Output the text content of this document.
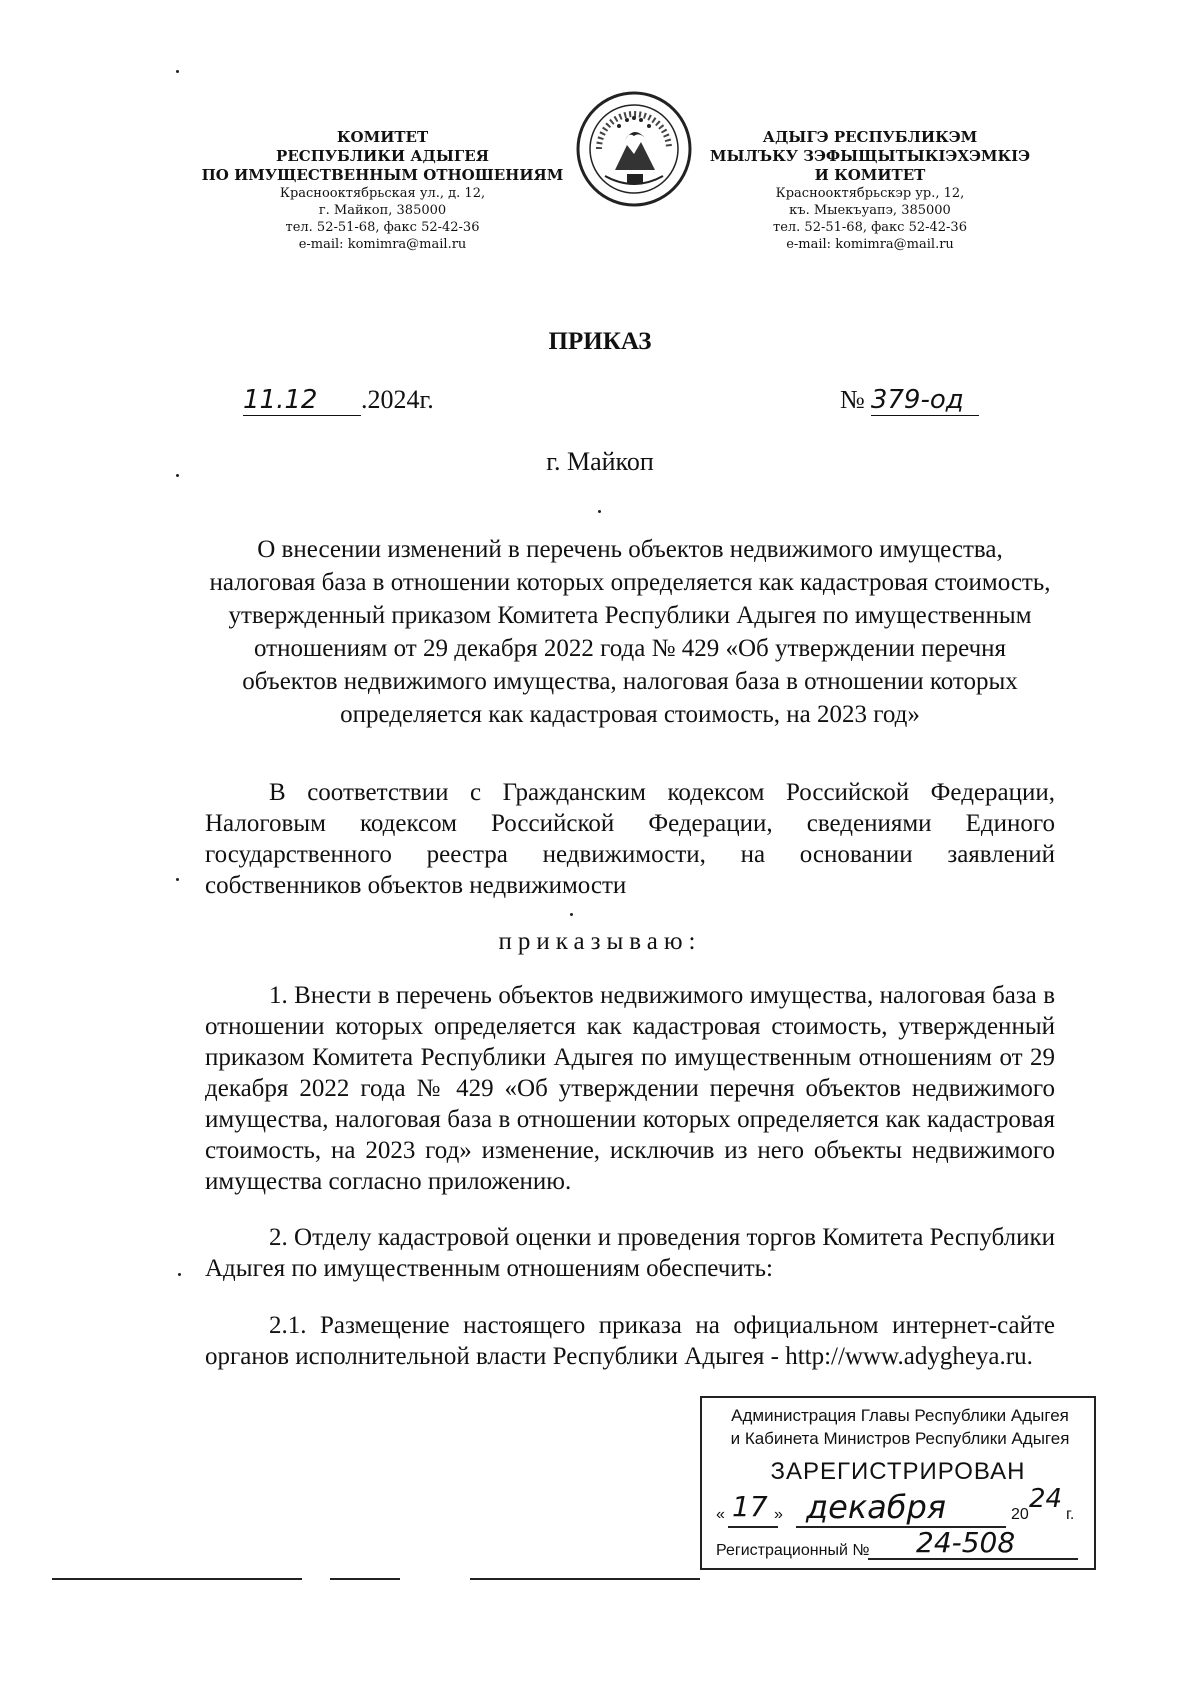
КОМИТЕТ
РЕСПУБЛИКИ АДЫГЕЯ
ПО ИМУЩЕСТВЕННЫМ ОТНОШЕНИЯМ
Краснооктябрьская ул., д. 12,
г. Майкоп, 385000
тел. 52-51-68, факс 52-42-36
e-mail: komimra@mail.ru
АДЫГЭ РЕСПУБЛИКЭМ
МЫЛЪКУ ЗЭФЫЩЫТЫКІЭХЭМКІЭ
И КОМИТЕТ
Краснооктябрьскэр ур., 12,
къ. Мыекъуапэ, 385000
тел. 52-51-68, факс 52-42-36
e-mail: komimra@mail.ru
ПРИКАЗ
11.12 .2024г.	№ 379-од
г. Майкоп
О внесении изменений в перечень объектов недвижимого имущества, налоговая база в отношении которых определяется как кадастровая стоимость, утвержденный приказом Комитета Республики Адыгея по имущественным отношениям от 29 декабря 2022 года № 429 «Об утверждении перечня объектов недвижимого имущества, налоговая база в отношении которых определяется как кадастровая стоимость, на 2023 год»
В соответствии с Гражданским кодексом Российской Федерации, Налоговым кодексом Российской Федерации, сведениями Единого государственного реестра недвижимости, на основании заявлений собственников объектов недвижимости
приказываю:
1. Внести в перечень объектов недвижимого имущества, налоговая база в отношении которых определяется как кадастровая стоимость, утвержденный приказом Комитета Республики Адыгея по имущественным отношениям от 29 декабря 2022 года № 429 «Об утверждении перечня объектов недвижимого имущества, налоговая база в отношении которых определяется как кадастровая стоимость, на 2023 год» изменение, исключив из него объекты недвижимого имущества согласно приложению.
2. Отделу кадастровой оценки и проведения торгов Комитета Республики Адыгея по имущественным отношениям обеспечить:
2.1. Размещение настоящего приказа на официальном интернет-сайте органов исполнительной власти Республики Адыгея - http://www.adygheya.ru.
Администрация Главы Республики Адыгея
и Кабинета Министров Республики Адыгея
ЗАРЕГИСТРИРОВАН
« 17 » декабря	20
24
г.
Регистрационный № 24-508
